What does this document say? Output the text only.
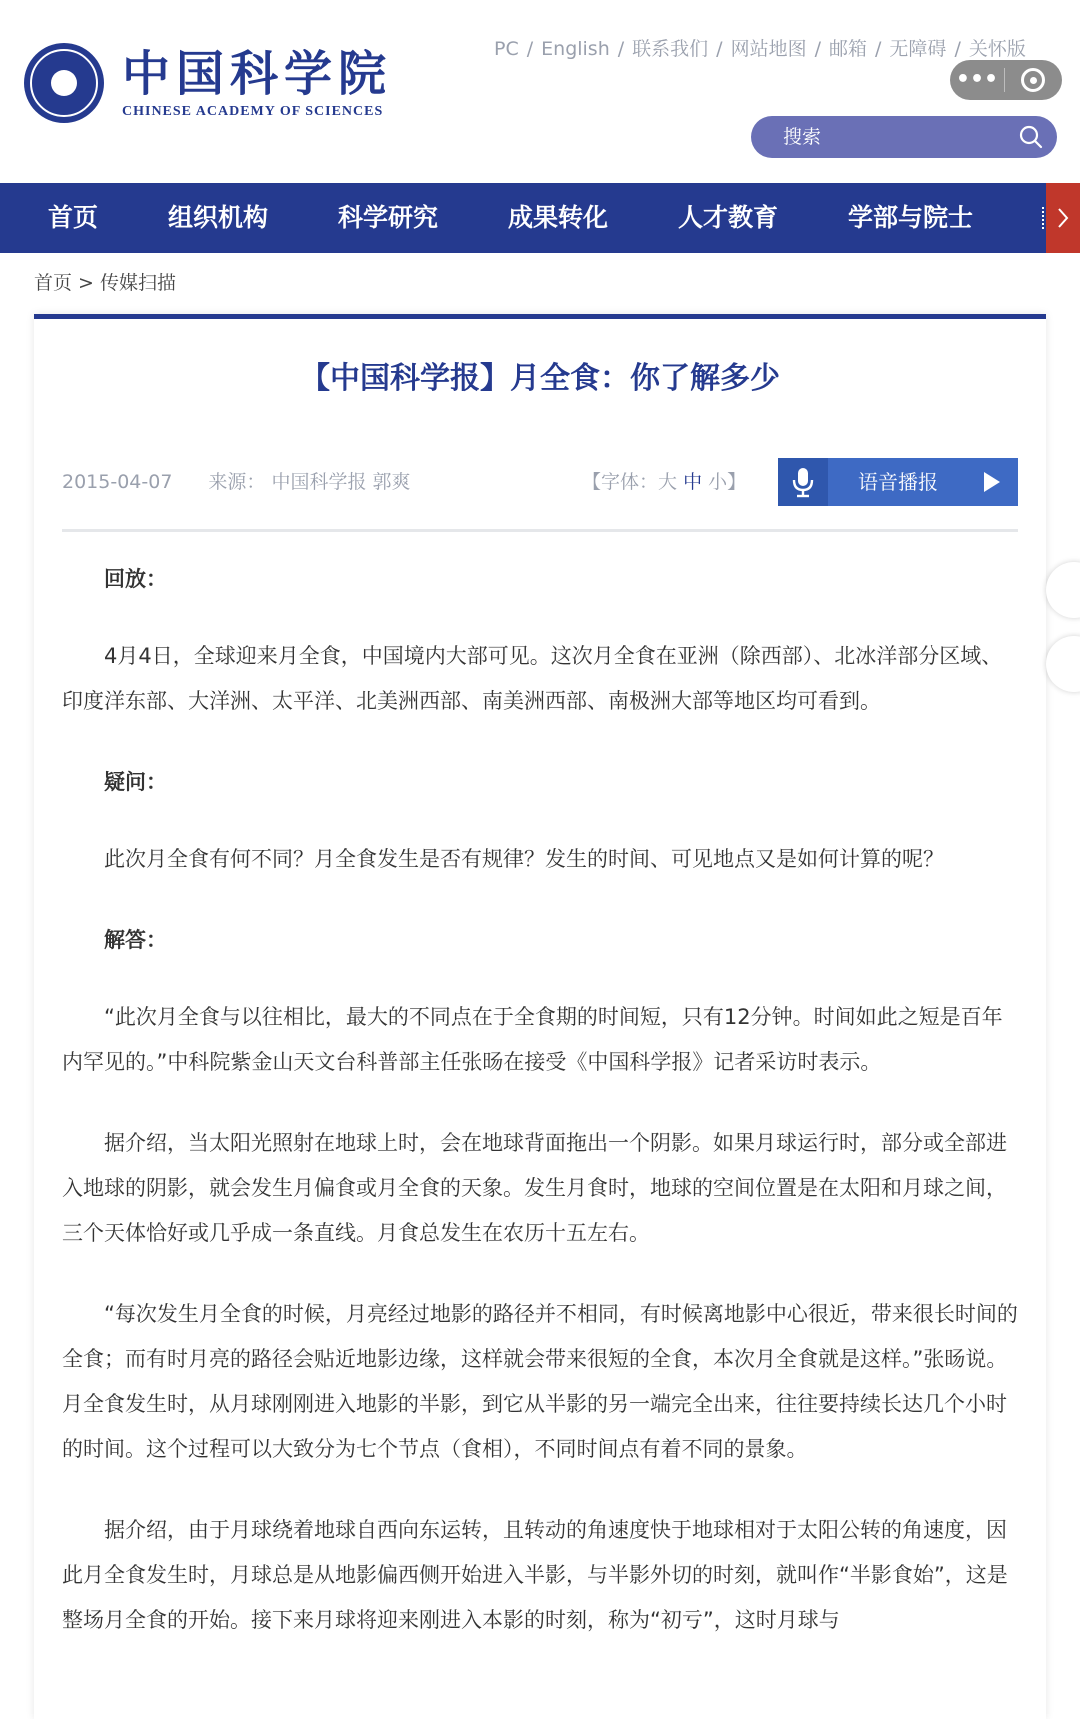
中国科学院
CHINESE ACADEMY OF SCIENCES
PC / English / 联系我们 / 网站地图 / 邮箱 / 无障碍 / 关怀版
•••
搜索
首页	组织机构	科学研究	成果转化	人才教育	学部与院士
首页 > 传媒扫描
【中国科学报】月全食：你了解多少
2015-04-07 来源： 中国科学报 郭爽	【字体：大 中 小】	语音播报

回放：

4月4日，全球迎来月全食，中国境内大部可见。这次月全食在亚洲（除西部）、北冰洋部分区域、印度洋东部、大洋洲、太平洋、北美洲西部、南美洲西部、南极洲大部等地区均可看到。

疑问：

此次月全食有何不同？月全食发生是否有规律？发生的时间、可见地点又是如何计算的呢？

解答：

“此次月全食与以往相比，最大的不同点在于全食期的时间短，只有12分钟。时间如此之短是百年内罕见的。”中科院紫金山天文台科普部主任张旸在接受《中国科学报》记者采访时表示。

据介绍，当太阳光照射在地球上时，会在地球背面拖出一个阴影。如果月球运行时，部分或全部进入地球的阴影，就会发生月偏食或月全食的天象。发生月食时，地球的空间位置是在太阳和月球之间，三个天体恰好或几乎成一条直线。月食总发生在农历十五左右。

“每次发生月全食的时候，月亮经过地影的路径并不相同，有时候离地影中心很近，带来很长时间的全食；而有时月亮的路径会贴近地影边缘，这样就会带来很短的全食，本次月全食就是这样。”张旸说。月全食发生时，从月球刚刚进入地影的半影，到它从半影的另一端完全出来，往往要持续长达几个小时的时间。这个过程可以大致分为七个节点（食相），不同时间点有着不同的景象。

据介绍，由于月球绕着地球自西向东运转，且转动的角速度快于地球相对于太阳公转的角速度，因此月全食发生时，月球总是从地影偏西侧开始进入半影，与半影外切的时刻，就叫作“半影食始”，这是整场月全食的开始。接下来月球将迎来刚进入本影的时刻，称为“初亏”，这时月球与
